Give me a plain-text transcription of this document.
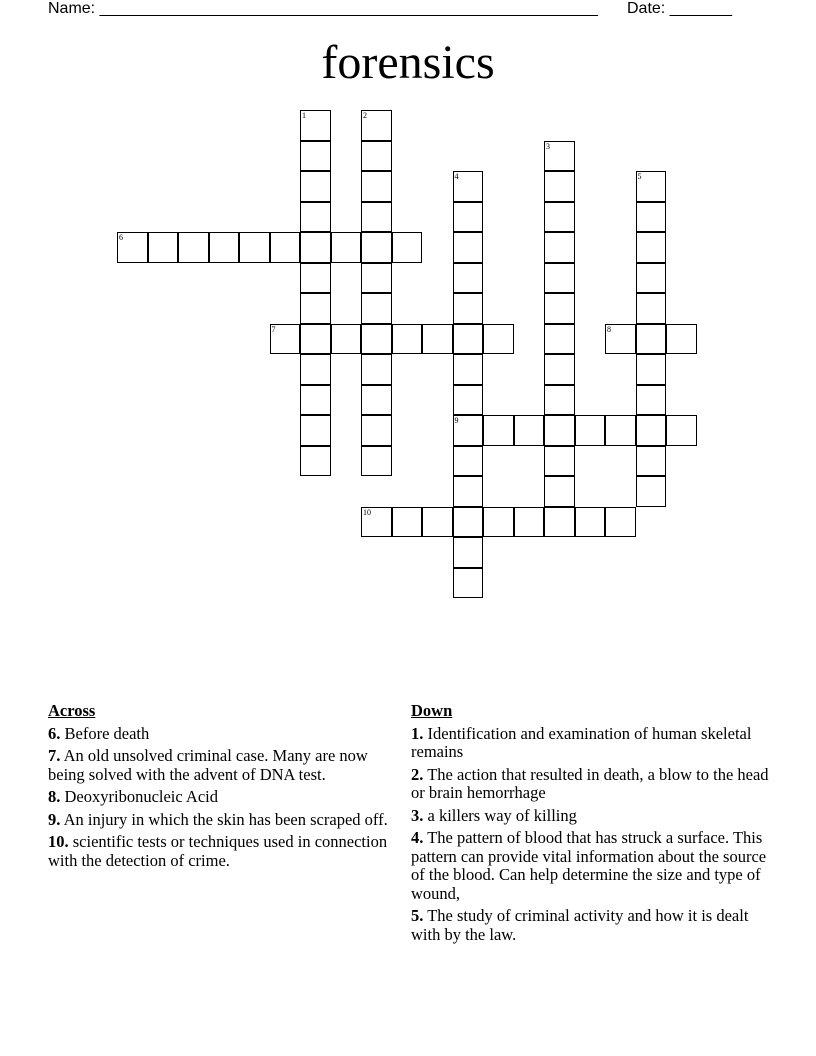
Name: ________________________________________________________ Date: _______
forensics
1	2
3
4
9
5
6
7	8
10
Across
6. Before death
7. An old unsolved criminal case. Many are now being solved with the advent of DNA test.
8. Deoxyribonucleic Acid
9. An injury in which the skin has been scraped off.
10. scientific tests or techniques used in connection with the detection of crime.
Down
1. Identification and examination of human skeletal remains
2. The action that resulted in death, a blow to the head or brain hemorrhage
3. a killers way of killing
4. The pattern of blood that has struck a surface. This pattern can provide vital information about the source of the blood. Can help determine the size and type of wound,
5. The study of criminal activity and how it is dealt with by the law.
